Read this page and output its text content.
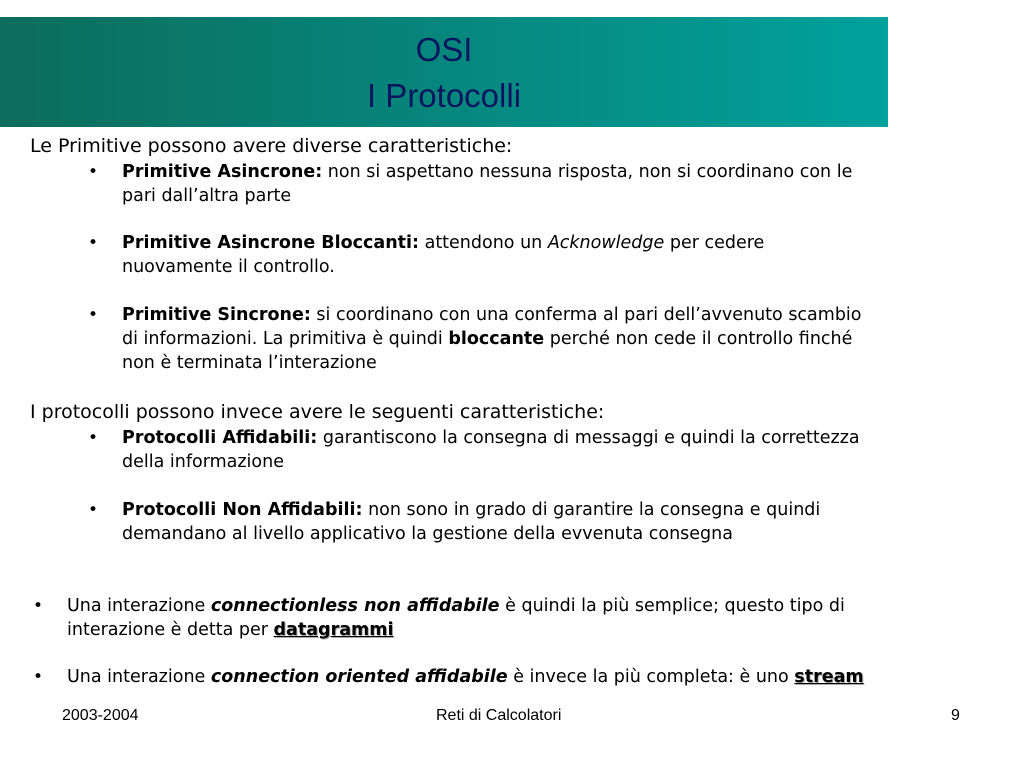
OSI
I Protocolli
Le Primitive possono avere diverse caratteristiche:
• Primitive Asincrone: non si aspettano nessuna risposta, non si coordinano con le
pari dall’altra parte
• Primitive Asincrone Bloccanti: attendono un Acknowledge per cedere
nuovamente il controllo.
• Primitive Sincrone: si coordinano con una conferma al pari dell’avvenuto scambio
di informazioni. La primitiva è quindi bloccante perché non cede il controllo finché
non è terminata l’interazione
I protocolli possono invece avere le seguenti caratteristiche:
• Protocolli Affidabili: garantiscono la consegna di messaggi e quindi la correttezza
della informazione
• Protocolli Non Affidabili: non sono in grado di garantire la consegna e quindi
demandano al livello applicativo la gestione della evvenuta consegna
• Una interazione connectionless non affidabile è quindi la più semplice; questo tipo di
interazione è detta per datagrammi
• Una interazione connection oriented affidabile è invece la più completa: è uno stream
2003-2004	Reti di Calcolatori	9
